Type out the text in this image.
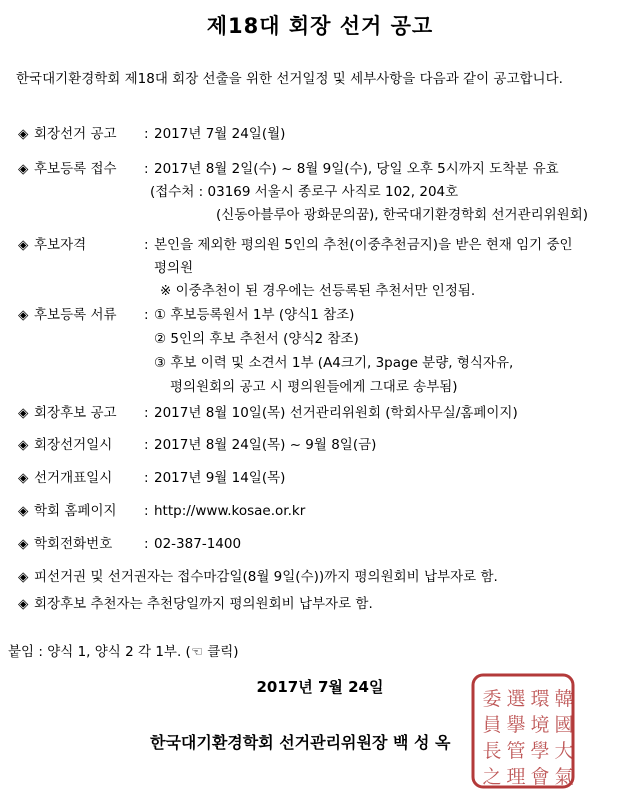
제18대 회장 선거 공고
한국대기환경학회 제18대 회장 선출을 위한 선거일정 및 세부사항을 다음과 같이 공고합니다.
◈ 회장선거 공고 : 2017년 7월 24일(월)
◈ 후보등록 접수 : 2017년 8월 2일(수) ~ 8월 9일(수), 당일 오후 5시까지 도착분 유효
(접수처 : 03169 서울시 종로구 사직로 102, 204호
(신동아블루아 광화문의꿈), 한국대기환경학회 선거관리위원회)
◈ 후보자격	: 본인을 제외한 평의원 5인의 추천(이중추천금지)을 받은 현재 임기 중인
평의원
※ 이중추천이 된 경우에는 선등록된 추천서만 인정됨.
◈ 후보등록 서류 : ① 후보등록원서 1부 (양식1 참조)
② 5인의 후보 추천서 (양식2 참조)
③ 후보 이력 및 소견서 1부 (A4크기, 3page 분량, 형식자유,
평의원회의 공고 시 평의원들에게 그대로 송부됨)
◈ 회장후보 공고 : 2017년 8월 10일(목) 선거관리위원회 (학회사무실/홈페이지)
◈ 회장선거일시 : 2017년 8월 24일(목) ~ 9월 8일(금)
◈ 선거개표일시 : 2017년 9월 14일(목)
◈ 학회 홈페이지 : http://www.kosae.or.kr
◈ 학회전화번호 : 02-387-1400
◈ 피선거권 및 선거권자는 접수마감일(8월 9일(수))까지 평의원회비 납부자로 함.
◈ 회장후보 추천자는 추천당일까지 평의원회비 납부자로 함.
붙임 : 양식 1, 양식 2 각 1부. (☜ 클릭)
2017년 7월 24일
한국대기환경학회 선거관리위원장 백 성 옥
韓
國
大
氣
環
境
學
會
選
擧
管
理
委
員
長
之
